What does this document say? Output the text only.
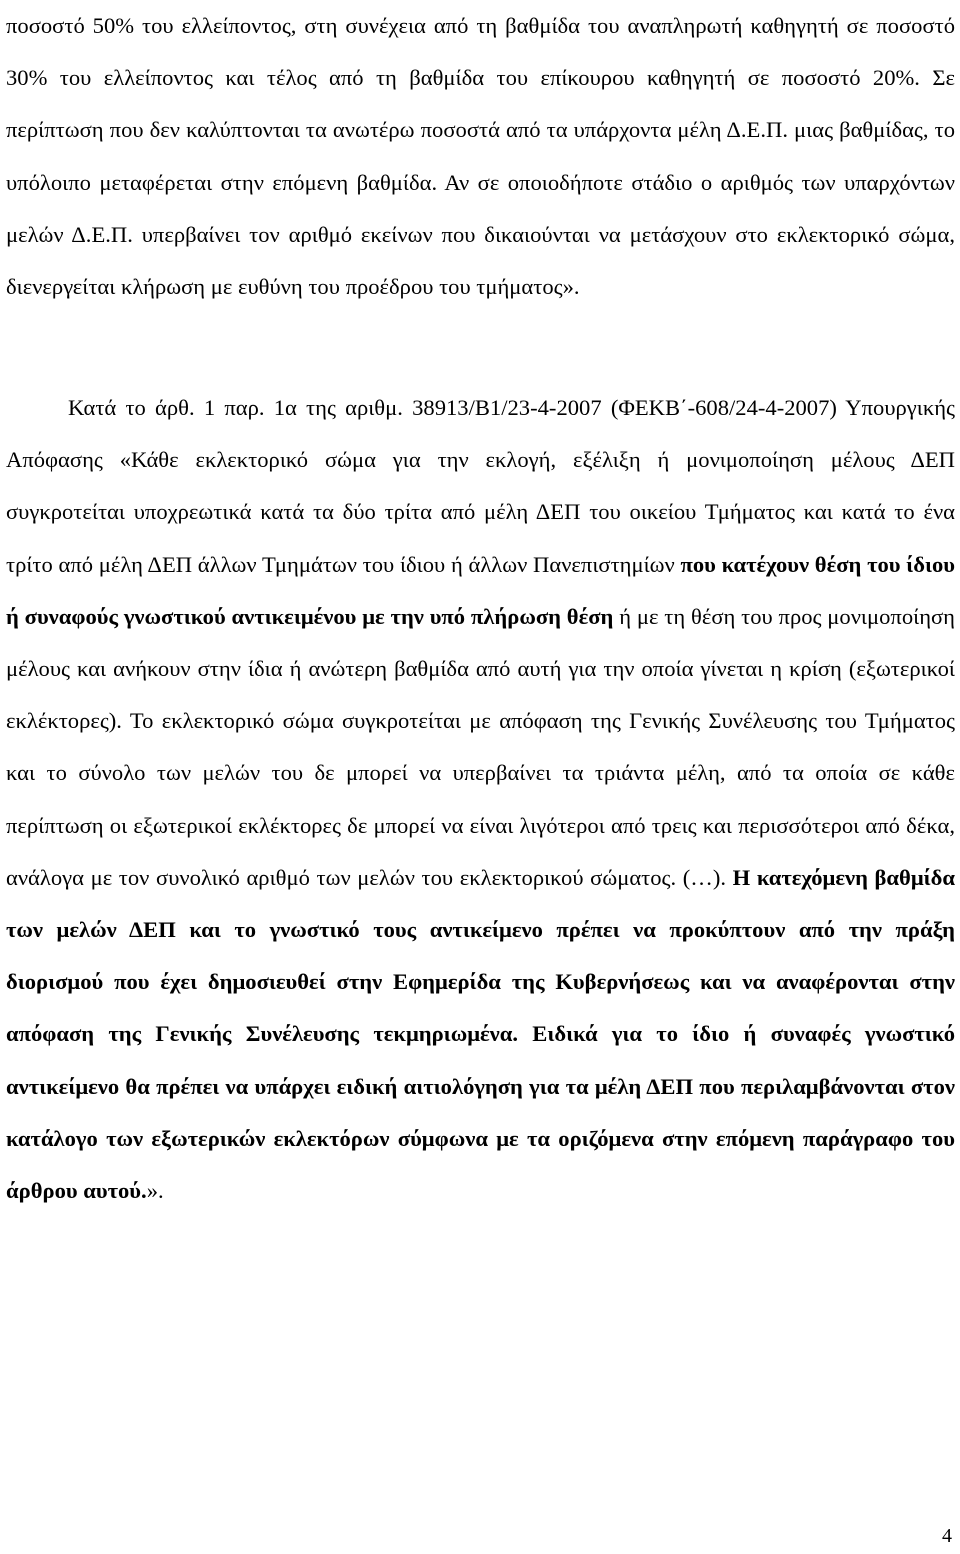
ποσοστό 50% του ελλείποντος, στη συνέχεια από τη βαθμίδα του αναπληρωτή καθηγητή σε ποσοστό 30% του ελλείποντος και τέλος από τη βαθμίδα του επίκουρου καθηγητή σε ποσοστό 20%. Σε περίπτωση που δεν καλύπτονται τα ανωτέρω ποσοστά από τα υπάρχοντα μέλη Δ.Ε.Π. μιας βαθμίδας, το υπόλοιπο μεταφέρεται στην επόμενη βαθμίδα. Αν σε οποιοδήποτε στάδιο ο αριθμός των υπαρχόντων μελών Δ.Ε.Π. υπερβαίνει τον αριθμό εκείνων που δικαιούνται να μετάσχουν στο εκλεκτορικό σώμα, διενεργείται κλήρωση με ευθύνη του προέδρου του τμήματος».

Κατά το άρθ. 1 παρ. 1α της αριθμ. 38913/Β1/23-4-2007 (ΦΕΚΒ΄-608/24-4-2007) Υπουργικής Απόφασης «Κάθε εκλεκτορικό σώμα για την εκλογή, εξέλιξη ή μονιμοποίηση μέλους ΔΕΠ συγκροτείται υποχρεωτικά κατά τα δύο τρίτα από μέλη ΔΕΠ του οικείου Τμήματος και κατά το ένα τρίτο από μέλη ΔΕΠ άλλων Τμημάτων του ίδιου ή άλλων Πανεπιστημίων που κατέχουν θέση του ίδιου ή συναφούς γνωστικού αντικειμένου με την υπό πλήρωση θέση ή με τη θέση του προς μονιμοποίηση μέλους και ανήκουν στην ίδια ή ανώτερη βαθμίδα από αυτή για την οποία γίνεται η κρίση (εξωτερικοί εκλέκτορες). Το εκλεκτορικό σώμα συγκροτείται με απόφαση της Γενικής Συνέλευσης του Τμήματος και το σύνολο των μελών του δε μπορεί να υπερβαίνει τα τριάντα μέλη, από τα οποία σε κάθε περίπτωση οι εξωτερικοί εκλέκτορες δε μπορεί να είναι λιγότεροι από τρεις και περισσότεροι από δέκα, ανάλογα με τον συνολικό αριθμό των μελών του εκλεκτορικού σώματος. (…). Η κατεχόμενη βαθμίδα των μελών ΔΕΠ και το γνωστικό τους αντικείμενο πρέπει να προκύπτουν από την πράξη διορισμού που έχει δημοσιευθεί στην Εφημερίδα της Κυβερνήσεως και να αναφέρονται στην απόφαση της Γενικής Συνέλευσης τεκμηριωμένα. Ειδικά για το ίδιο ή συναφές γνωστικό αντικείμενο θα πρέπει να υπάρχει ειδική αιτιολόγηση για τα μέλη ΔΕΠ που περιλαμβάνονται στον κατάλογο των εξωτερικών εκλεκτόρων σύμφωνα με τα οριζόμενα στην επόμενη παράγραφο του άρθρου αυτού.».

4
